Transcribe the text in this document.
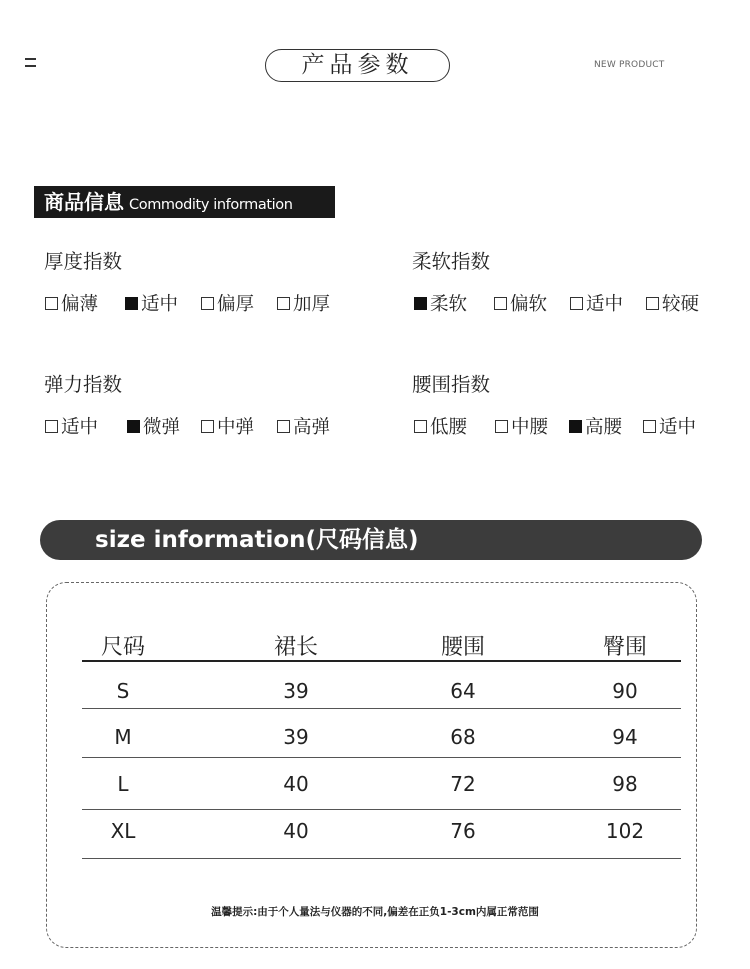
产品参数	NEW PRODUCT
商品信息 Commodity information
厚度指数
偏薄 适中 偏厚 加厚
柔软指数
柔软 偏软 适中 较硬
弹力指数
适中 微弹 中弹 高弹
腰围指数
低腰 中腰 高腰 适中
size information(尺码信息)
尺码	裙长	腰围	臀围
S	39	64	90
M	39	68	94
L	40	72	98
XL	40	76	102
温馨提示:由于个人量法与仪器的不同,偏差在正负1-3cm内属正常范围
